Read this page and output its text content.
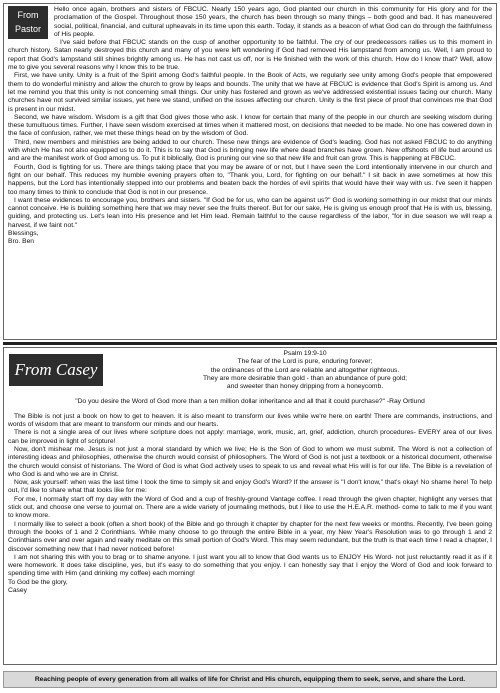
From
Pastor

Hello once again, brothers and sisters of FBCUC. Nearly 150 years ago, God planted our church in this community for His glory and for the proclamation of the Gospel. Throughout those 150 years, the church has been through so many things – both good and bad. It has maneuvered social, political, financial, and cultural upheavals in its time upon this earth. Today, it stands as a beacon of what God can do through the faithfulness of His people.

I've said before that FBCUC stands on the cusp of another opportunity to be faithful. The cry of our predecessors rallies us to this moment in church history. Satan nearly destroyed this church and many of you were left wondering if God had removed His lampstand from among us. Well, I am proud to report that God's lampstand still shines brightly among us. He has not cast us off, nor is He finished with the work of this church. How do I know that? Well, allow me to give you several reasons why I know this to be true.

First, we have unity. Unity is a fruit of the Spirit among God's faithful people. In the Book of Acts, we regularly see unity among God's people that empowered them to do wonderful ministry and allow the church to grow by leaps and bounds. The unity that we have at FBCUC is evidence that God's Spirit is among us. And let me remind you that this unity is not concerning small things. Our unity has fostered and grown as we've addressed existential issues facing our church. Many churches have not survived similar issues, yet here we stand, unified on the issues affecting our church. Unity is the first piece of proof that convinces me that God is present in our midst.

Second, we have wisdom. Wisdom is a gift that God gives those who ask. I know for certain that many of the people in our church are seeking wisdom during these tumultuous times. Further, I have seen wisdom exercised at times when it mattered most, on decisions that needed to be made. No one has cowered down in the face of confusion, rather, we met these things head on by the wisdom of God.

Third, new members and ministries are being added to our church. These new things are evidence of God's leading. God has not asked FBCUC to do anything with which He has not also equipped us to do it. This is to say that God is bringing new life where dead branches have grown. New offshoots of life bud around us and are the manifest work of God among us. To put it biblically, God is pruning our vine so that new life and fruit can grow. This is happening at FBCUC.

Fourth, God is fighting for us. There are things taking place that you may be aware of or not, but I have seen the Lord intentionally intervene in our church and fight on our behalf. This reduces my humble evening prayers often to, "Thank you, Lord, for fighting on our behalf." I sit back in awe sometimes at how this happens, but the Lord has intentionally stepped into our problems and beaten back the hordes of evil spirits that would have their way with us. I've seen it happen too many times to think to conclude that God is not in our presence.

I want these evidences to encourage you, brothers and sisters. "If God be for us, who can be against us?" God is working something in our midst that our minds cannot conceive. He is building something here that we may never see the fruits thereof. But for our sake, He is giving us enough proof that He is with us, blessing, guiding, and protecting us. Let's lean into His presence and let Him lead. Remain faithful to the cause regardless of the labor, "for in due season we will reap a harvest, if we faint not."

Blessings,

Bro. Ben

From Casey
Psalm 19:9-10
The fear of the Lord is pure, enduring forever;
the ordinances of the Lord are reliable and altogether righteous.
They are more desirable than gold - than an abundance of pure gold;
and sweeter than honey dripping from a honeycomb.
"Do you desire the Word of God more than a ten million dollar inheritance and all that it could purchase?" -Ray Ortlund

The Bible is not just a book on how to get to heaven. It is also meant to transform our lives while we're here on earth! There are commands, instructions, and words of wisdom that are meant to transform our minds and our hearts.

There is not a single area of our lives where scripture does not apply: marriage, work, music, art, grief, addiction, church procedures- EVERY area of our lives can be improved in light of scripture!

Now, don't mishear me. Jesus is not just a moral standard by which we live; He is the Son of God to whom we must submit. The Word is not a collection of interesting ideas and philosophies, otherwise the church would consist of philosophers. The Word of God is not just a textbook or a historical document, otherwise the church would consist of historians. The Word of God is what God actively uses to speak to us and reveal what His will is for our life. The Bible is a revelation of who God is and who we are in Christ.

Now, ask yourself: when was the last time I took the time to simply sit and enjoy God's Word? If the answer is "I don't know," that's okay! No shame here! To help out, I'd like to share what that looks like for me:

For me, I normally start off my day with the Word of God and a cup of freshly-ground Vantage coffee. I read through the given chapter, highlight any verses that stick out, and choose one verse to journal on. There are a wide variety of journaling methods, but I like to use the H.E.A.R. method- come to talk to me if you want to know more.

I normally like to select a book (often a short book) of the Bible and go through it chapter by chapter for the next few weeks or months. Recently, I've been going through the books of 1 and 2 Corinthians. While many choose to go through the entire Bible in a year, my New Year's Resolution was to go through 1 and 2 Corinthians over and over again and really meditate on this small portion of God's Word. This may seem redundant, but the truth is that each time I read a chapter, I discover something new that I had never noticed before!

I am not sharing this with you to brag or to shame anyone. I just want you all to know that God wants us to ENJOY His Word- not just reluctantly read it as if it were homework. It does take discipline, yes, but it's easy to do something that you enjoy. I can honestly say that I enjoy the Word of God and look forward to spending time with Him (and drinking my coffee) each morning!

To God be the glory,

Casey

Reaching people of every generation from all walks of life for Christ and His church, equipping them to seek, serve, and share the Lord.
